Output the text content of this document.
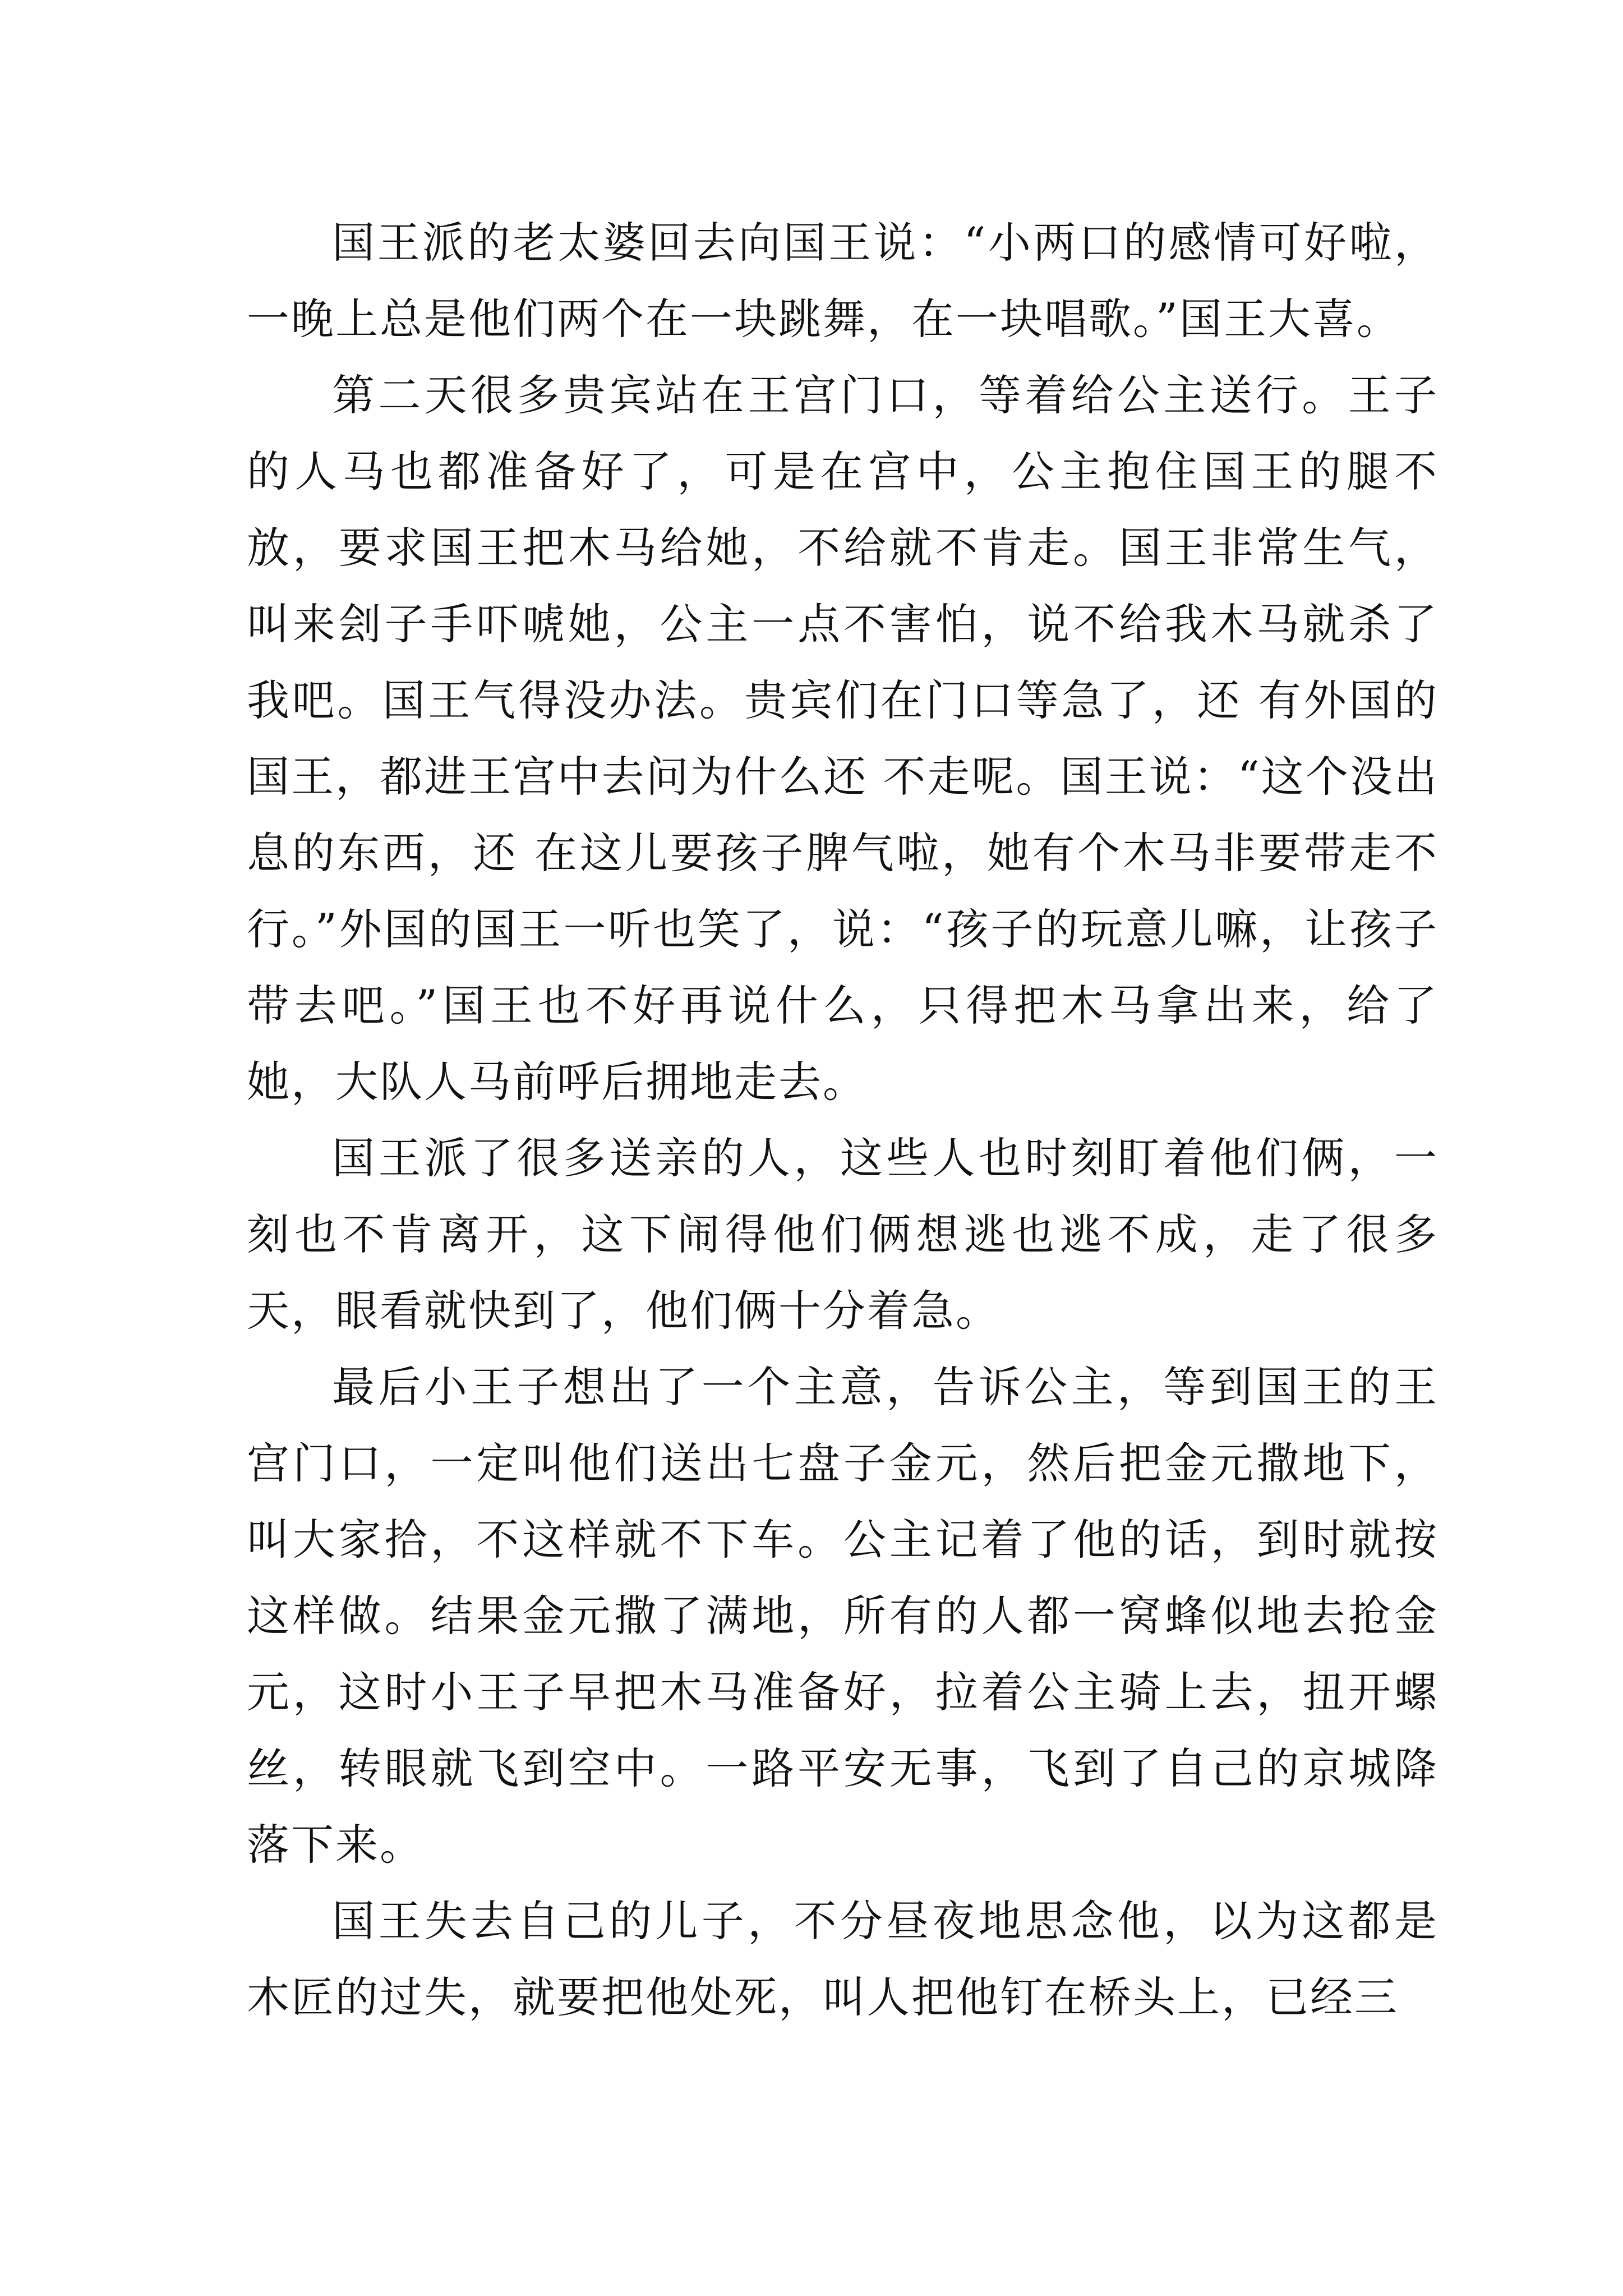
国王派的老太婆回去向国王说：“小两口的感情可好啦，一晚上总是他们两个在一块跳舞，在一块唱歌。”国王大喜。

第二天很多贵宾站在王宫门口，等着给公主送行。王子的人马也都准备好了，可是在宫中，公主抱住国王的腿不放，要求国王把木马给她，不给就不肯走。国王非常生气，叫来刽子手吓唬她，公主一点不害怕，说不给我木马就杀了我吧。国王气得没办法。贵宾们在门口等急了，还 有外国的国王，都进王宫中去问为什么还 不走呢。国王说：“这个没出息的东西，还 在这儿要孩子脾气啦，她有个木马非要带走不行。”外国的国王一听也笑了，说：“孩子的玩意儿嘛，让孩子带去吧。”国王也不好再说什么，只得把木马拿出来，给了她，大队人马前呼后拥地走去。

国王派了很多送亲的人，这些人也时刻盯着他们俩，一刻也不肯离开，这下闹得他们俩想逃也逃不成，走了很多天，眼看就快到了，他们俩十分着急。

最后小王子想出了一个主意，告诉公主，等到国王的王宫门口，一定叫他们送出七盘子金元，然后把金元撒地下，叫大家拾，不这样就不下车。公主记着了他的话，到时就按这样做。结果金元撒了满地，所有的人都一窝蜂似地去抢金元，这时小王子早把木马准备好，拉着公主骑上去，扭开螺丝，转眼就飞到空中。一路平安无事，飞到了自己的京城降落下来。

国王失去自己的儿子，不分昼夜地思念他，以为这都是木匠的过失，就要把他处死，叫人把他钉在桥头上，已经三
